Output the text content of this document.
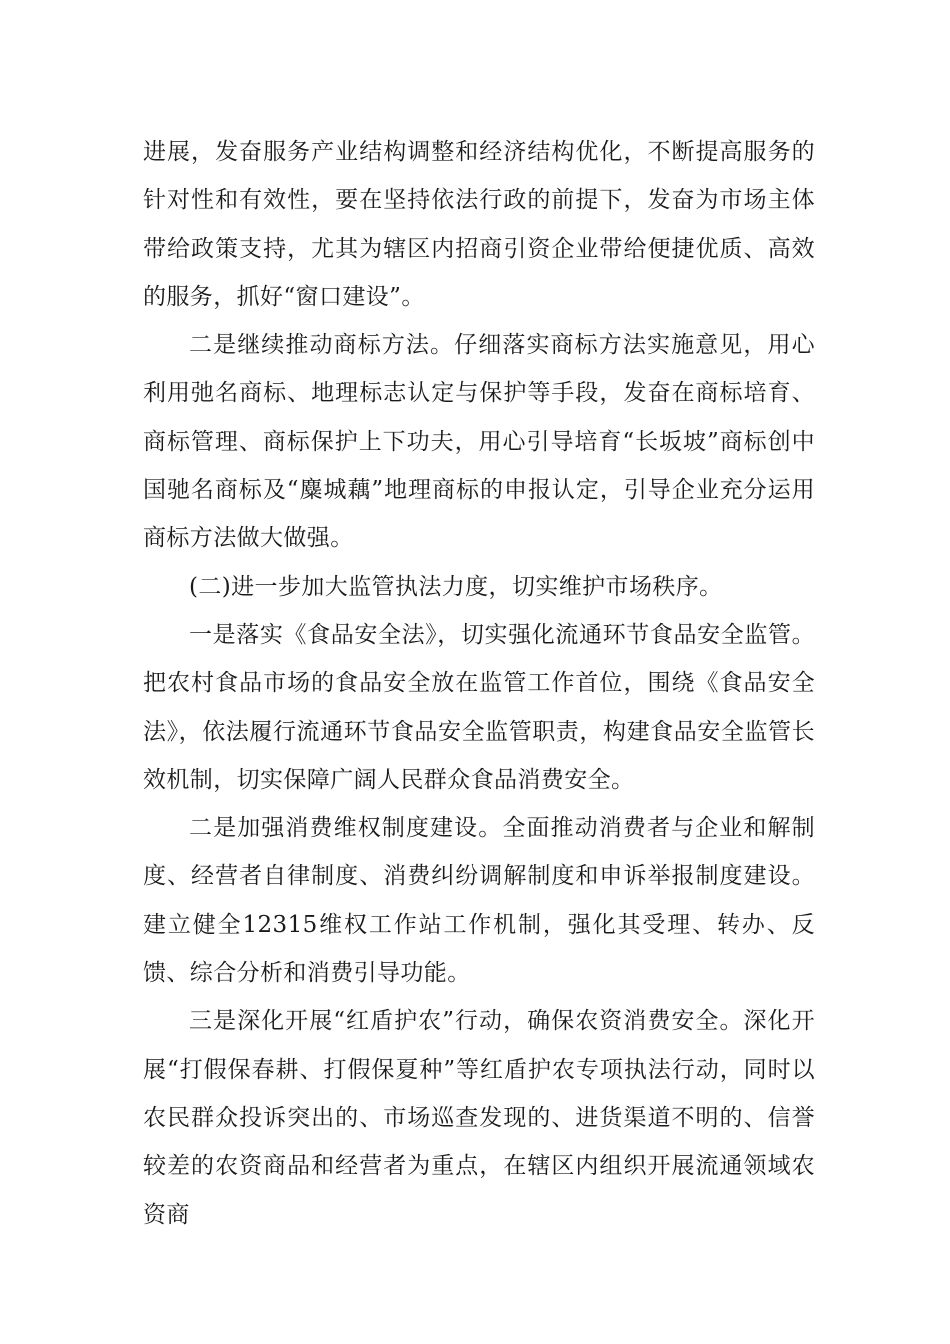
进展，发奋服务产业结构调整和经济结构优化，不断提高服务的针对性和有效性，要在坚持依法行政的前提下，发奋为市场主体带给政策支持，尤其为辖区内招商引资企业带给便捷优质、高效的服务，抓好“窗口建设”。

二是继续推动商标方法。仔细落实商标方法实施意见，用心利用弛名商标、地理标志认定与保护等手段，发奋在商标培育、商标管理、商标保护上下功夫，用心引导培育“长坂坡”商标创中国驰名商标及“麋城藕”地理商标的申报认定，引导企业充分运用商标方法做大做强。

(二)进一步加大监管执法力度，切实维护市场秩序。

一是落实《食品安全法》，切实强化流通环节食品安全监管。把农村食品市场的食品安全放在监管工作首位，围绕《食品安全法》，依法履行流通环节食品安全监管职责，构建食品安全监管长效机制，切实保障广阔人民群众食品消费安全。

二是加强消费维权制度建设。全面推动消费者与企业和解制度、经营者自律制度、消费纠纷调解制度和申诉举报制度建设。建立健全12315维权工作站工作机制，强化其受理、转办、反馈、综合分析和消费引导功能。

三是深化开展“红盾护农”行动，确保农资消费安全。深化开展“打假保春耕、打假保夏种”等红盾护农专项执法行动，同时以农民群众投诉突出的、市场巡查发现的、进货渠道不明的、信誉较差的农资商品和经营者为重点，在辖区内组织开展流通领域农资商
